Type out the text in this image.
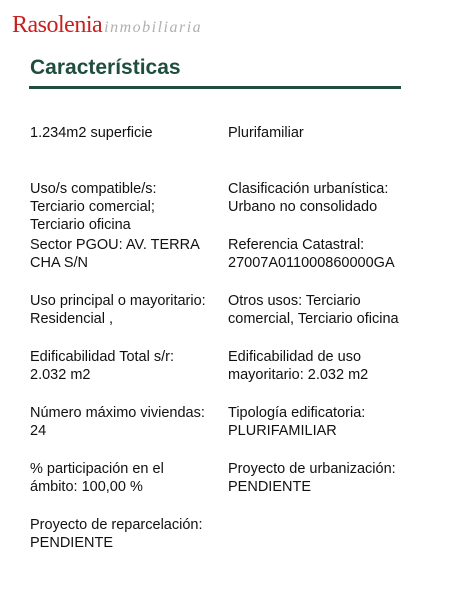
Rasolenia inmobiliaria
Características
1.234m2 superficie	Plurifamiliar
Uso/s compatible/s:
Terciario comercial;
Terciario oficina
Clasificación urbanística:
Urbano no consolidado
Sector PGOU: AV. TERRA
CHA S/N
Referencia Catastral:
27007A011000860000GA
Uso principal o mayoritario:
Residencial ,
Otros usos: Terciario
comercial, Terciario oficina
Edificabilidad Total s/r:
2.032 m2
Edificabilidad de uso
mayoritario: 2.032 m2
Número máximo viviendas:
24
Tipología edificatoria:
PLURIFAMILIAR
% participación en el
ámbito: 100,00 %
Proyecto de urbanización:
PENDIENTE
Proyecto de reparcelación:
PENDIENTE
